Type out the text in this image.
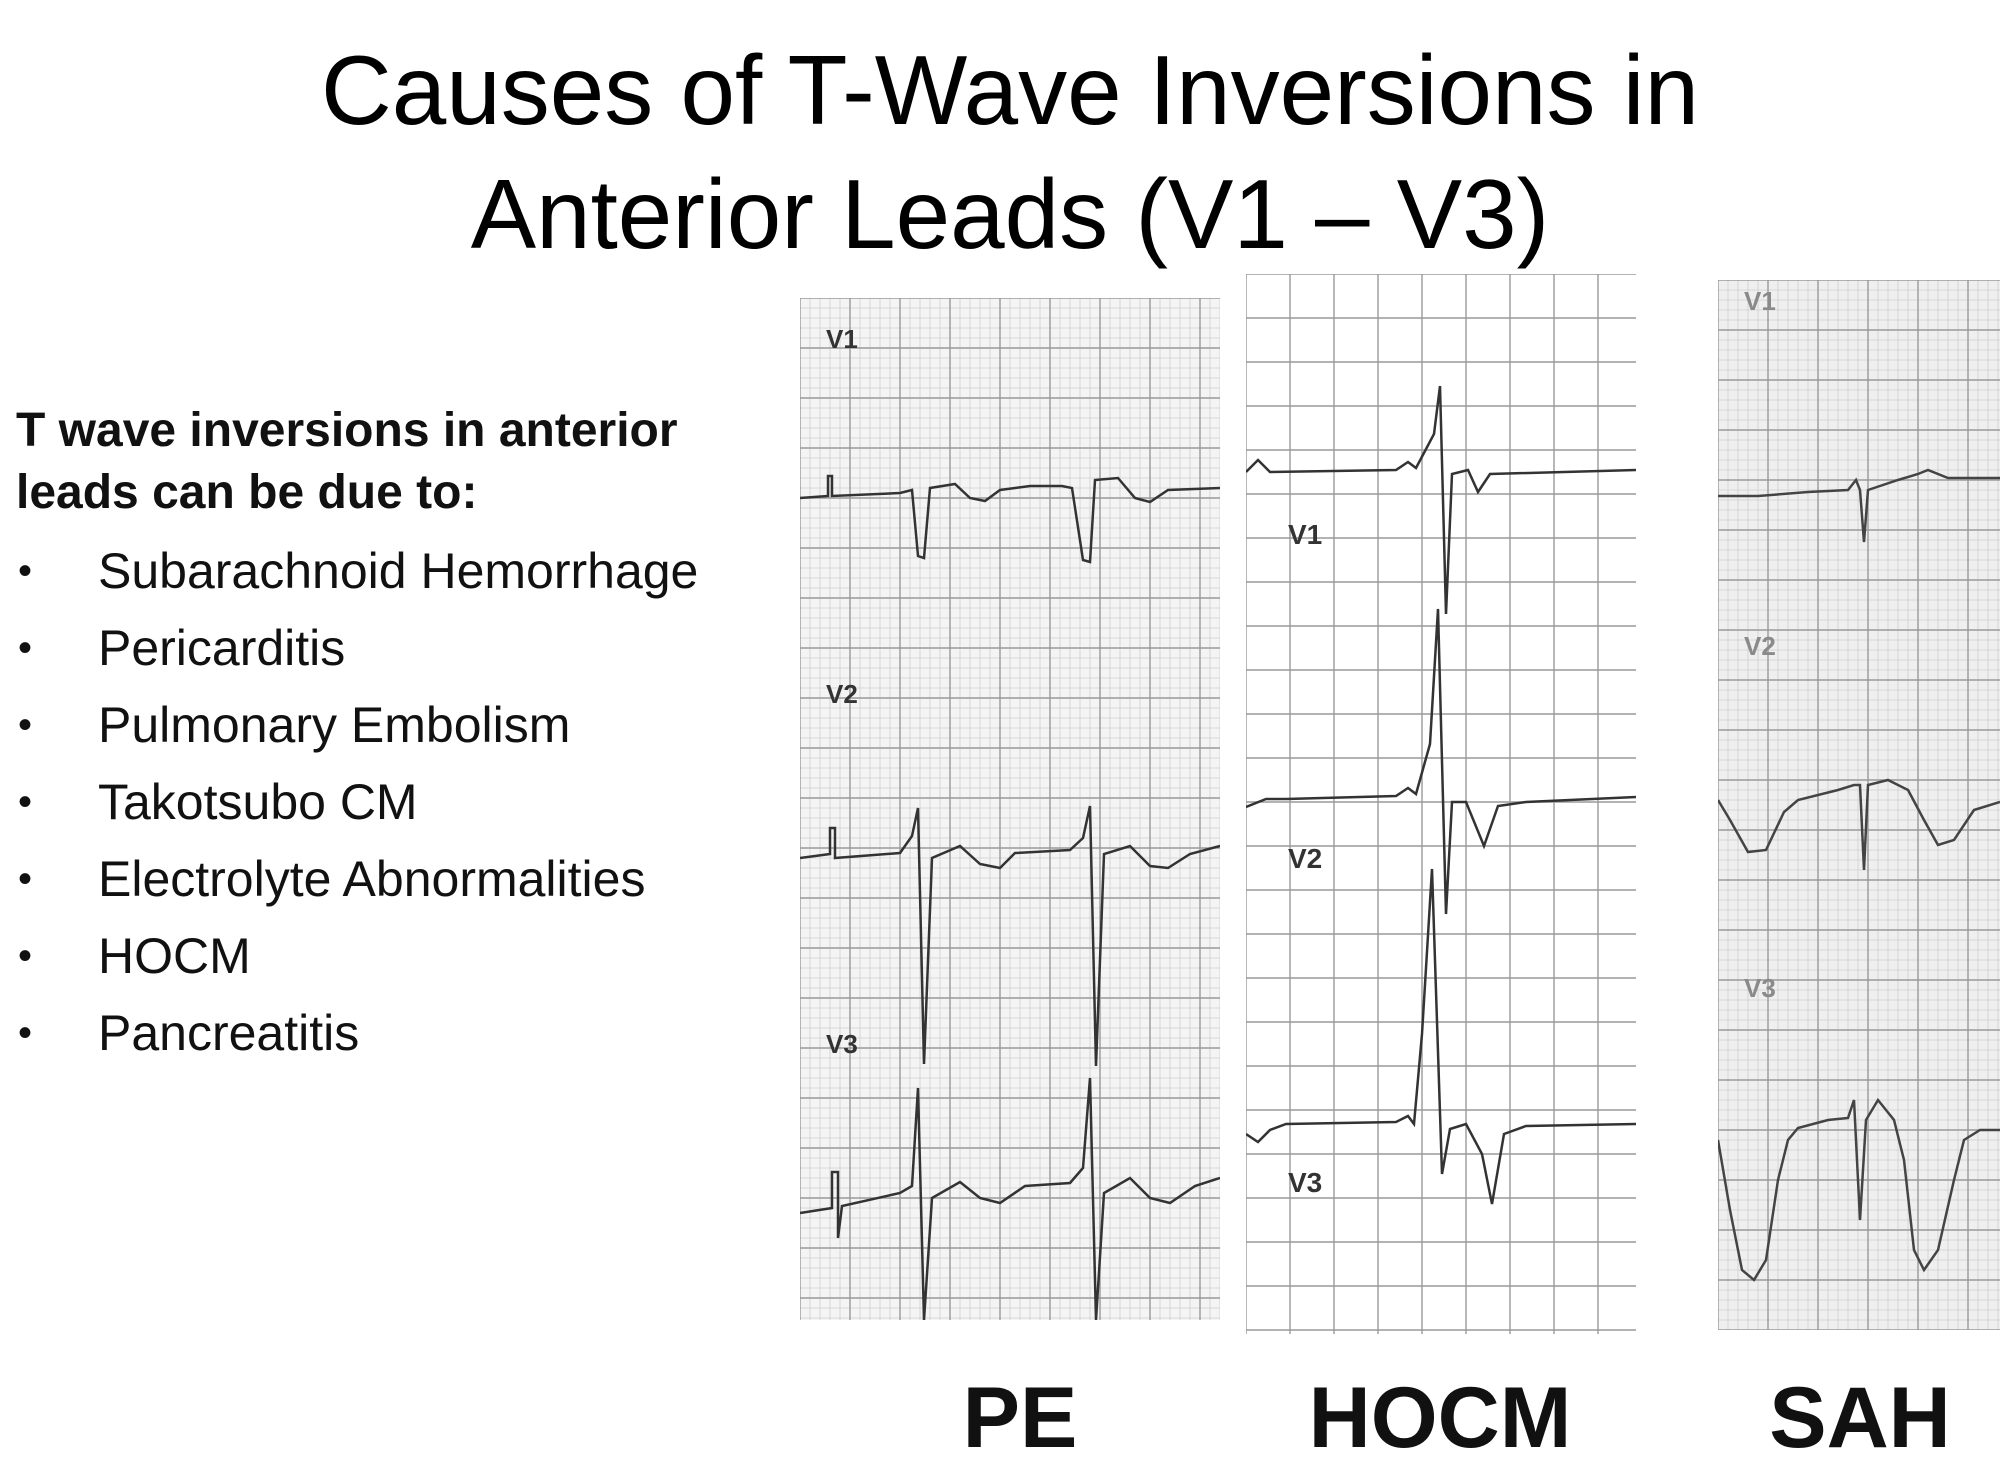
Causes of T-Wave Inversions in
Anterior Leads (V1 – V3)
T wave inversions in anterior
leads can be due to:
• Subarachnoid Hemorrhage
• Pericarditis
• Pulmonary Embolism
• Takotsubo CM
• Electrolyte Abnormalities
• HOCM
• Pancreatitis
V1
V2
V3
V1
V2
V3
V1
V2
V3
PE	HOCM	SAH
